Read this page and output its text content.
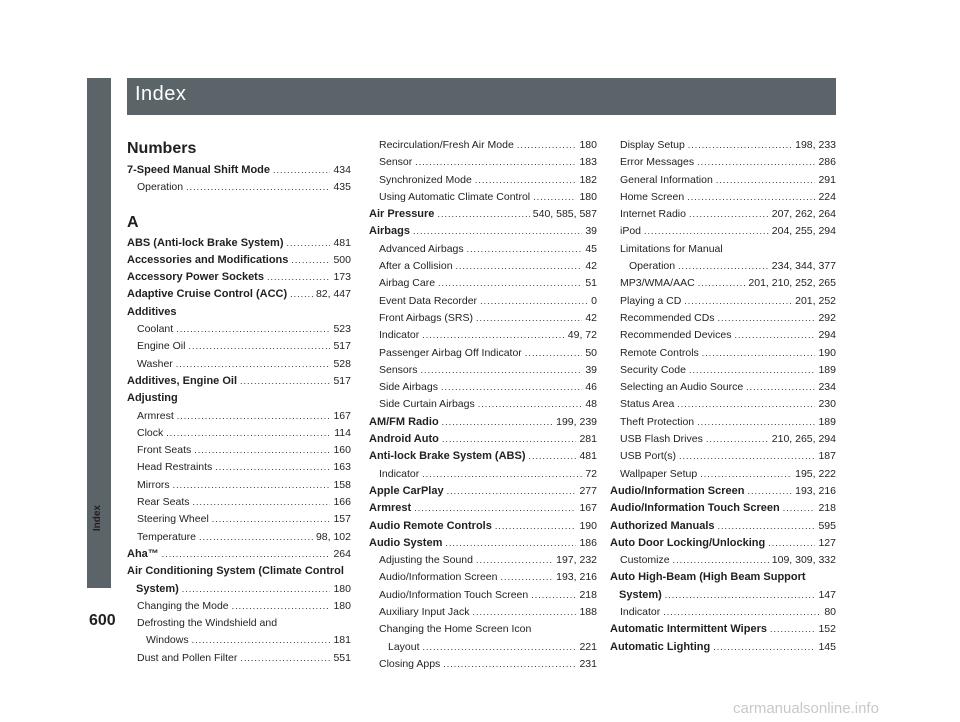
Index
Index
600
Numbers
7-Speed Manual Shift Mode .....	434
Operation .....	435
A
ABS (Anti-lock Brake System) .....	481
Accessories and Modifications .....	500
Accessory Power Sockets .....	173
Adaptive Cruise Control (ACC) .....	82, 447
Additives
Coolant .....	523
Engine Oil .....	517
Washer .....	528
Additives, Engine Oil .....	517
Adjusting
Armrest .....	167
Clock .....	114
Front Seats .....	160
Head Restraints .....	163
Mirrors .....	158
Rear Seats .....	166
Steering Wheel .....	157
Temperature .....	98, 102
Aha™ .....	264
Air Conditioning System (Climate Control
System) .....	180
Changing the Mode .....	180
Defrosting the Windshield and
Windows .....	181
Dust and Pollen Filter .....	551
Recirculation/Fresh Air Mode .....	180
Sensor .....	183
Synchronized Mode .....	182
Using Automatic Climate Control .....	180
Air Pressure .....	540, 585, 587
Airbags .....	39
Advanced Airbags .....	45
After a Collision .....	42
Airbag Care .....	51
Event Data Recorder .....	0
Front Airbags (SRS) .....	42
Indicator .....	49, 72
Passenger Airbag Off Indicator .....	50
Sensors .....	39
Side Airbags .....	46
Side Curtain Airbags .....	48
AM/FM Radio .....	199, 239
Android Auto .....	281
Anti-lock Brake System (ABS) .....	481
Indicator .....	72
Apple CarPlay .....	277
Armrest .....	167
Audio Remote Controls .....	190
Audio System .....	186
Adjusting the Sound .....	197, 232
Audio/Information Screen .....	193, 216
Audio/Information Touch Screen .....	218
Auxiliary Input Jack .....	188
Changing the Home Screen Icon
Layout .....	221
Closing Apps .....	231
Display Setup .....	198, 233
Error Messages .....	286
General Information .....	291
Home Screen .....	224
Internet Radio .....	207, 262, 264
iPod .....	204, 255, 294
Limitations for Manual
Operation .....	234, 344, 377
MP3/WMA/AAC .....	201, 210, 252, 265
Playing a CD .....	201, 252
Recommended CDs .....	292
Recommended Devices .....	294
Remote Controls .....	190
Security Code .....	189
Selecting an Audio Source .....	234
Status Area .....	230
Theft Protection .....	189
USB Flash Drives .....	210, 265, 294
USB Port(s) .....	187
Wallpaper Setup .....	195, 222
Audio/Information Screen .....	193, 216
Audio/Information Touch Screen .....	218
Authorized Manuals .....	595
Auto Door Locking/Unlocking .....	127
Customize .....	109, 309, 332
Auto High-Beam (High Beam Support
System) .....	147
Indicator .....	80
Automatic Intermittent Wipers .....	152
Automatic Lighting .....	145
carmanualsonline.info
